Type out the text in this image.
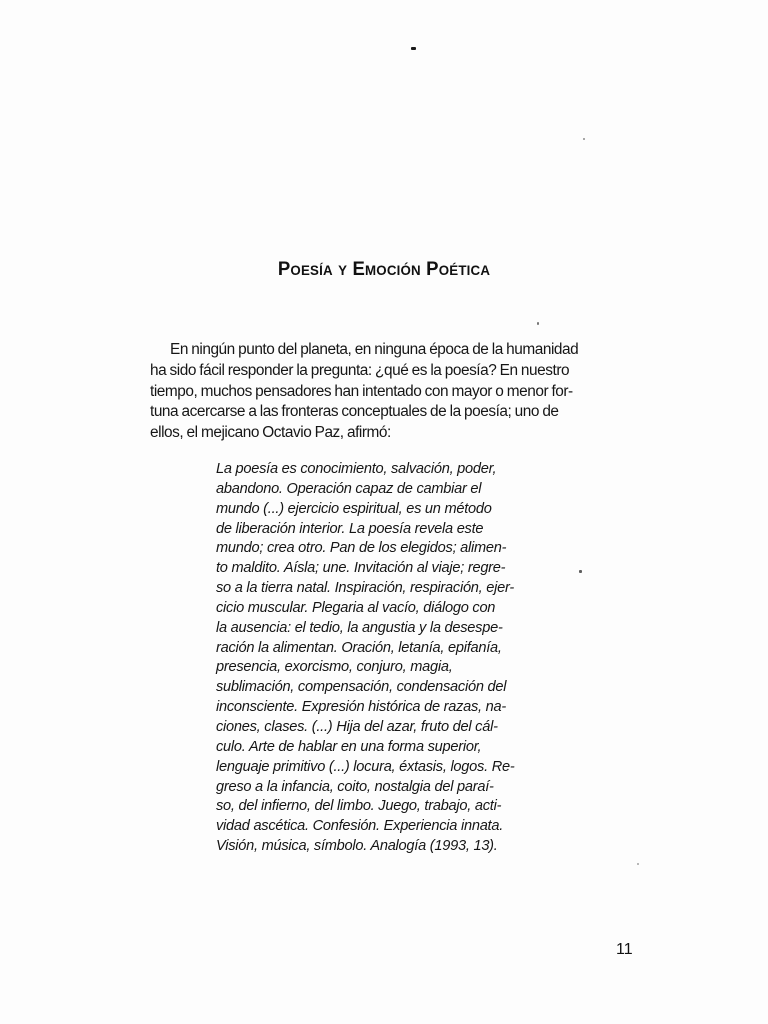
Poesía y Emoción Poética
En ningún punto del planeta, en ninguna época de la humanidad
ha sido fácil responder la pregunta: ¿qué es la poesía? En nuestro
tiempo, muchos pensadores han intentado con mayor o menor for-
tuna acercarse a las fronteras conceptuales de la poesía; uno de
ellos, el mejicano Octavio Paz, afirmó:
La poesía es conocimiento, salvación, poder,
abandono. Operación capaz de cambiar el
mundo (...) ejercicio espiritual, es un método
de liberación interior. La poesía revela este
mundo; crea otro. Pan de los elegidos; alimen-
to maldito. Aísla; une. Invitación al viaje; regre-
so a la tierra natal. Inspiración, respiración, ejer-
cicio muscular. Plegaria al vacío, diálogo con
la ausencia: el tedio, la angustia y la desespe-
ración la alimentan. Oración, letanía, epifanía,
presencia, exorcismo, conjuro, magia,
sublimación, compensación, condensación del
inconsciente. Expresión histórica de razas, na-
ciones, clases. (...) Hija del azar, fruto del cál-
culo. Arte de hablar en una forma superior,
lenguaje primitivo (...) locura, éxtasis, logos. Re-
greso a la infancia, coito, nostalgia del paraí-
so, del infierno, del limbo. Juego, trabajo, acti-
vidad ascética. Confesión. Experiencia innata.
Visión, música, símbolo. Analogía (1993, 13).
11
